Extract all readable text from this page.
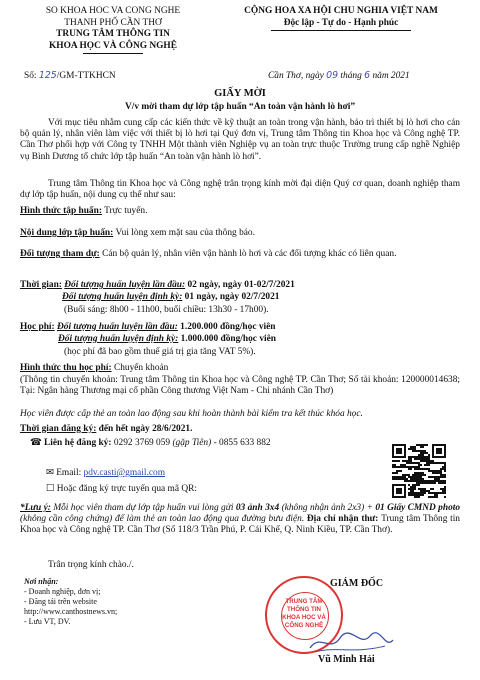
SO KHOA HOC VA CONG NGHE
THANH PHỐ CẦN THƠ
TRUNG TÂM THÔNG TIN
KHOA HỌC VÀ CÔNG NGHỆ
Số: 125/GM-TTKHCN
CỘNG HOA XA HỘI CHU NGHIA VIỆT NAM
Độc lập - Tự do - Hạnh phúc
Cần Thơ, ngày 09 tháng 6 năm 2021
GIẤY MỜI
V/v mời tham dự lớp tập huấn “An toàn vận hành lò hơi”
Với mục tiêu nhằm cung cấp các kiến thức về kỹ thuật an toàn trong vận hành, bảo trì thiết bị lò hơi cho cán bộ quản lý, nhân viên làm việc với thiết bị lò hơi tại Quý đơn vị, Trung tâm Thông tin Khoa học và Công nghệ TP. Cần Thơ phối hợp với Công ty TNHH Một thành viên Nghiệp vụ an toàn trực thuộc Trường trung cấp nghề Nghiệp vụ Bình Dương tổ chức lớp tập huấn “An toàn vận hành lò hơi”.
Trung tâm Thông tin Khoa học và Công nghệ trân trọng kính mời đại diện Quý cơ quan, doanh nghiệp tham dự lớp tập huấn, nội dung cụ thể như sau:
Hình thức tập huấn: Trực tuyến.
Nội dung lớp tập huấn: Vui lòng xem mặt sau của thông báo.
Đối tượng tham dự: Cán bộ quản lý, nhân viên vận hành lò hơi và các đối tượng khác có liên quan.
Thời gian: Đối tượng huấn luyện lần đầu: 02 ngày, ngày 01-02/7/2021
Đối tượng huấn luyện định kỳ: 01 ngày, ngày 02/7/2021
(Buổi sáng: 8h00 - 11h00, buổi chiều: 13h30 - 17h00).
Học phí: Đối tượng huấn luyện lần đầu: 1.200.000 đồng/học viên
Đối tượng huấn luyện định kỳ: 1.000.000 đồng/học viên
(học phí đã bao gồm thuế giá trị gia tăng VAT 5%).
Hình thức thu học phí: Chuyển khoản
(Thông tin chuyển khoản: Trung tâm Thông tin Khoa học và Công nghệ TP. Cần Thơ; Số tài khoản: 120000014638; Tại: Ngân hàng Thương mại cổ phần Công thương Việt Nam - Chi nhánh Cần Thơ)
Học viên được cấp thẻ an toàn lao động sau khi hoàn thành bài kiểm tra kết thúc khóa học.
Thời gian đăng ký: đến hết ngày 28/6/2021.
☎ Liên hệ đăng ký: 0292 3769 059 (gặp Tiên) - 0855 633 882
✉ Email: pdv.casti@gmail.com
☐ Hoặc đăng ký trực tuyến qua mã QR:
*Lưu ý: Mỗi học viên tham dự lớp tập huấn vui lòng gửi 03 ảnh 3x4 (không nhận ảnh 2x3) + 01 Giấy CMND photo (không cần công chứng) để làm thẻ an toàn lao động qua đường bưu điện. Địa chỉ nhận thư: Trung tâm Thông tin Khoa học và Công nghệ TP. Cần Thơ (Số 118/3 Trần Phú, P. Cái Khế, Q. Ninh Kiều, TP. Cần Thơ).
Trân trọng kính chào./.
Nơi nhận:
- Doanh nghiệp, đơn vị;
- Đăng tải trên website
http://www.canthostnews.vn;
- Lưu VT, DV.
GIÁM ĐỐC
TRUNG TÂM
THÔNG TIN
KHOA HỌC VÀ
CÔNG NGHỆ
Vũ Minh Hải
